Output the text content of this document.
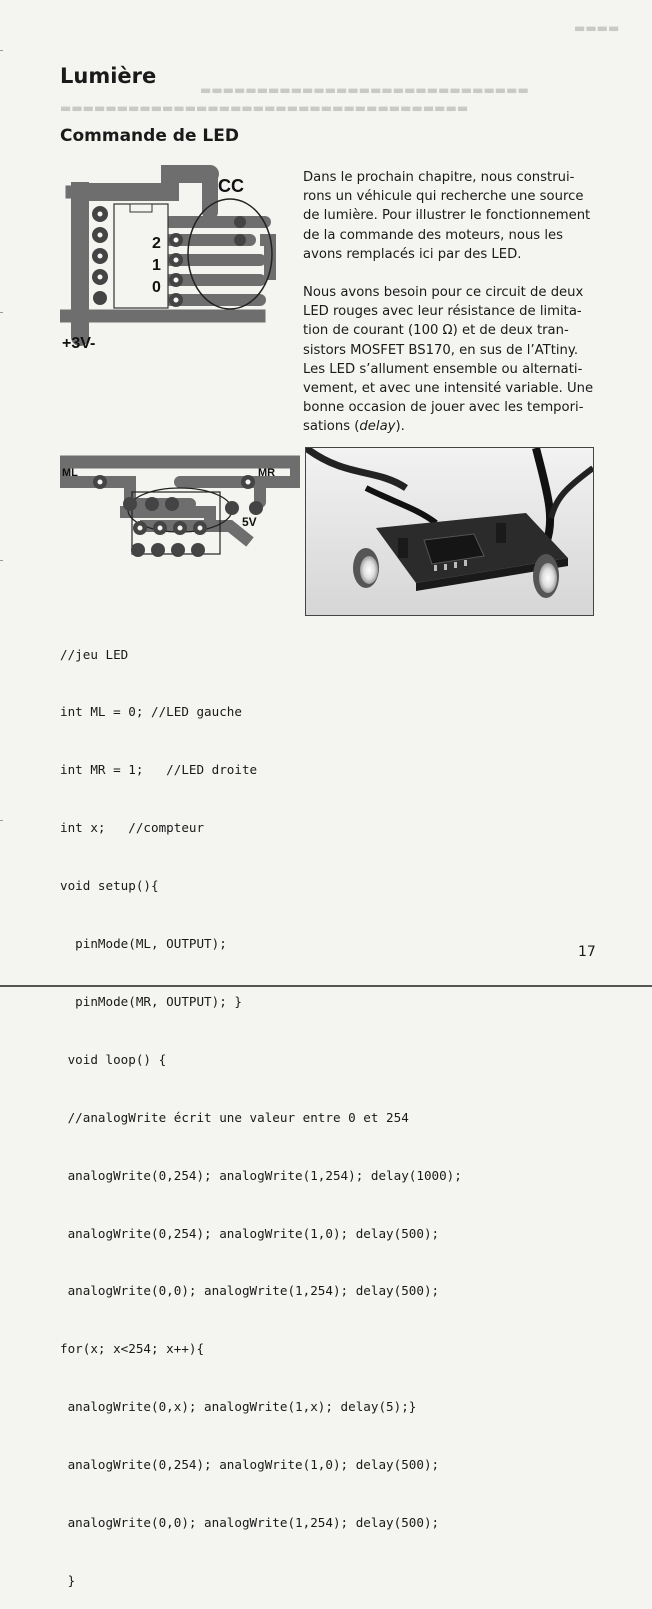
▬▬▬▬
▬▬▬▬▬▬▬▬▬▬▬▬▬▬▬▬▬▬▬▬▬▬▬▬▬▬▬▬▬
▬▬▬▬▬▬▬▬▬▬▬▬▬▬▬▬▬▬▬▬▬▬▬▬▬▬▬▬▬▬▬▬▬▬▬▬
Lumière
Commande de LED
CC
2
1
0
+3V-
Dans le prochain chapitre, nous construi-
rons un véhicule qui recherche une source
de lumière. Pour illustrer le fonctionnement
de la commande des moteurs, nous les
avons remplacés ici par des LED.
Nous avons besoin pour ce circuit de deux
LED rouges avec leur résistance de limita-
tion de courant (100 Ω) et de deux tran-
sistors MOSFET BS170, en sus de l’ATtiny.
Les LED s’allument ensemble ou alternati-
vement, et avec une intensité variable. Une
bonne occasion de jouer avec les tempori-
sations (delay).
ML	MR
5V

//jeu LED

int ML = 0; //LED gauche

int MR = 1;   //LED droite

int x;   //compteur

void setup(){

pinMode(ML, OUTPUT);

pinMode(MR, OUTPUT); }

void loop() {

//analogWrite écrit une valeur entre 0 et 254

analogWrite(0,254); analogWrite(1,254); delay(1000);

analogWrite(0,254); analogWrite(1,0); delay(500);

analogWrite(0,0); analogWrite(1,254); delay(500);

for(x; x<254; x++){

analogWrite(0,x); analogWrite(1,x); delay(5);}

analogWrite(0,254); analogWrite(1,0); delay(500);

analogWrite(0,0); analogWrite(1,254); delay(500);

}

17
